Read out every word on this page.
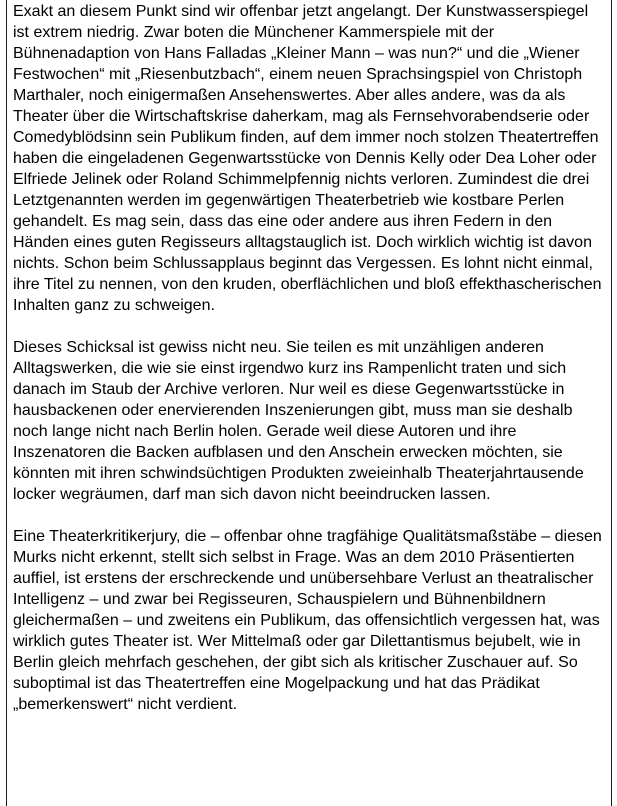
Exakt an diesem Punkt sind wir offenbar jetzt angelangt. Der Kunstwasserspiegel ist extrem niedrig. Zwar boten die Münchener Kammerspiele mit der Bühnenadaption von Hans Falladas „Kleiner Mann – was nun?“ und die „Wiener Festwochen“ mit „Riesenbutzbach“, einem neuen Sprachsingspiel von Christoph Marthaler, noch einigermaßen Ansehenswertes. Aber alles andere, was da als Theater über die Wirtschaftskrise daherkam, mag als Fernsehvorabendserie oder Comedyblödsinn sein Publikum finden, auf dem immer noch stolzen Theatertreffen haben die eingeladenen Gegenwartsstücke von Dennis Kelly oder Dea Loher oder Elfriede Jelinek oder Roland Schimmelpfennig nichts verloren. Zumindest die drei Letztgenannten werden im gegenwärtigen Theaterbetrieb wie kostbare Perlen gehandelt. Es mag sein, dass das eine oder andere aus ihren Federn in den Händen eines guten Regisseurs alltagstauglich ist. Doch wirklich wichtig ist davon nichts. Schon beim Schlussapplaus beginnt das Vergessen. Es lohnt nicht einmal, ihre Titel zu nennen, von den kruden, oberflächlichen und bloß effekthascherischen Inhalten ganz zu schweigen.

Dieses Schicksal ist gewiss nicht neu. Sie teilen es mit unzähligen anderen Alltagswerken, die wie sie einst irgendwo kurz ins Rampenlicht traten und sich danach im Staub der Archive verloren. Nur weil es diese Gegenwartsstücke in hausbackenen oder enervierenden Inszenierungen gibt, muss man sie deshalb noch lange nicht nach Berlin holen. Gerade weil diese Autoren und ihre Inszenatoren die Backen aufblasen und den Anschein erwecken möchten, sie könnten mit ihren schwindsüchtigen Produkten zweieinhalb Theaterjahrtausende locker wegräumen, darf man sich davon nicht beeindrucken lassen.

Eine Theaterkritikerjury, die – offenbar ohne tragfähige Qualitätsmaßstäbe – diesen Murks nicht erkennt, stellt sich selbst in Frage. Was an dem 2010 Präsentierten auffiel, ist erstens der erschreckende und unübersehbare Verlust an theatralischer Intelligenz – und zwar bei Regisseuren, Schauspielern und Bühnenbildnern gleichermaßen – und zweitens ein Publikum, das offensichtlich vergessen hat, was wirklich gutes Theater ist. Wer Mittelmaß oder gar Dilettantismus bejubelt, wie in Berlin gleich mehrfach geschehen, der gibt sich als kritischer Zuschauer auf. So suboptimal ist das Theatertreffen eine Mogelpackung und hat das Prädikat „bemerkenswert“ nicht verdient.
